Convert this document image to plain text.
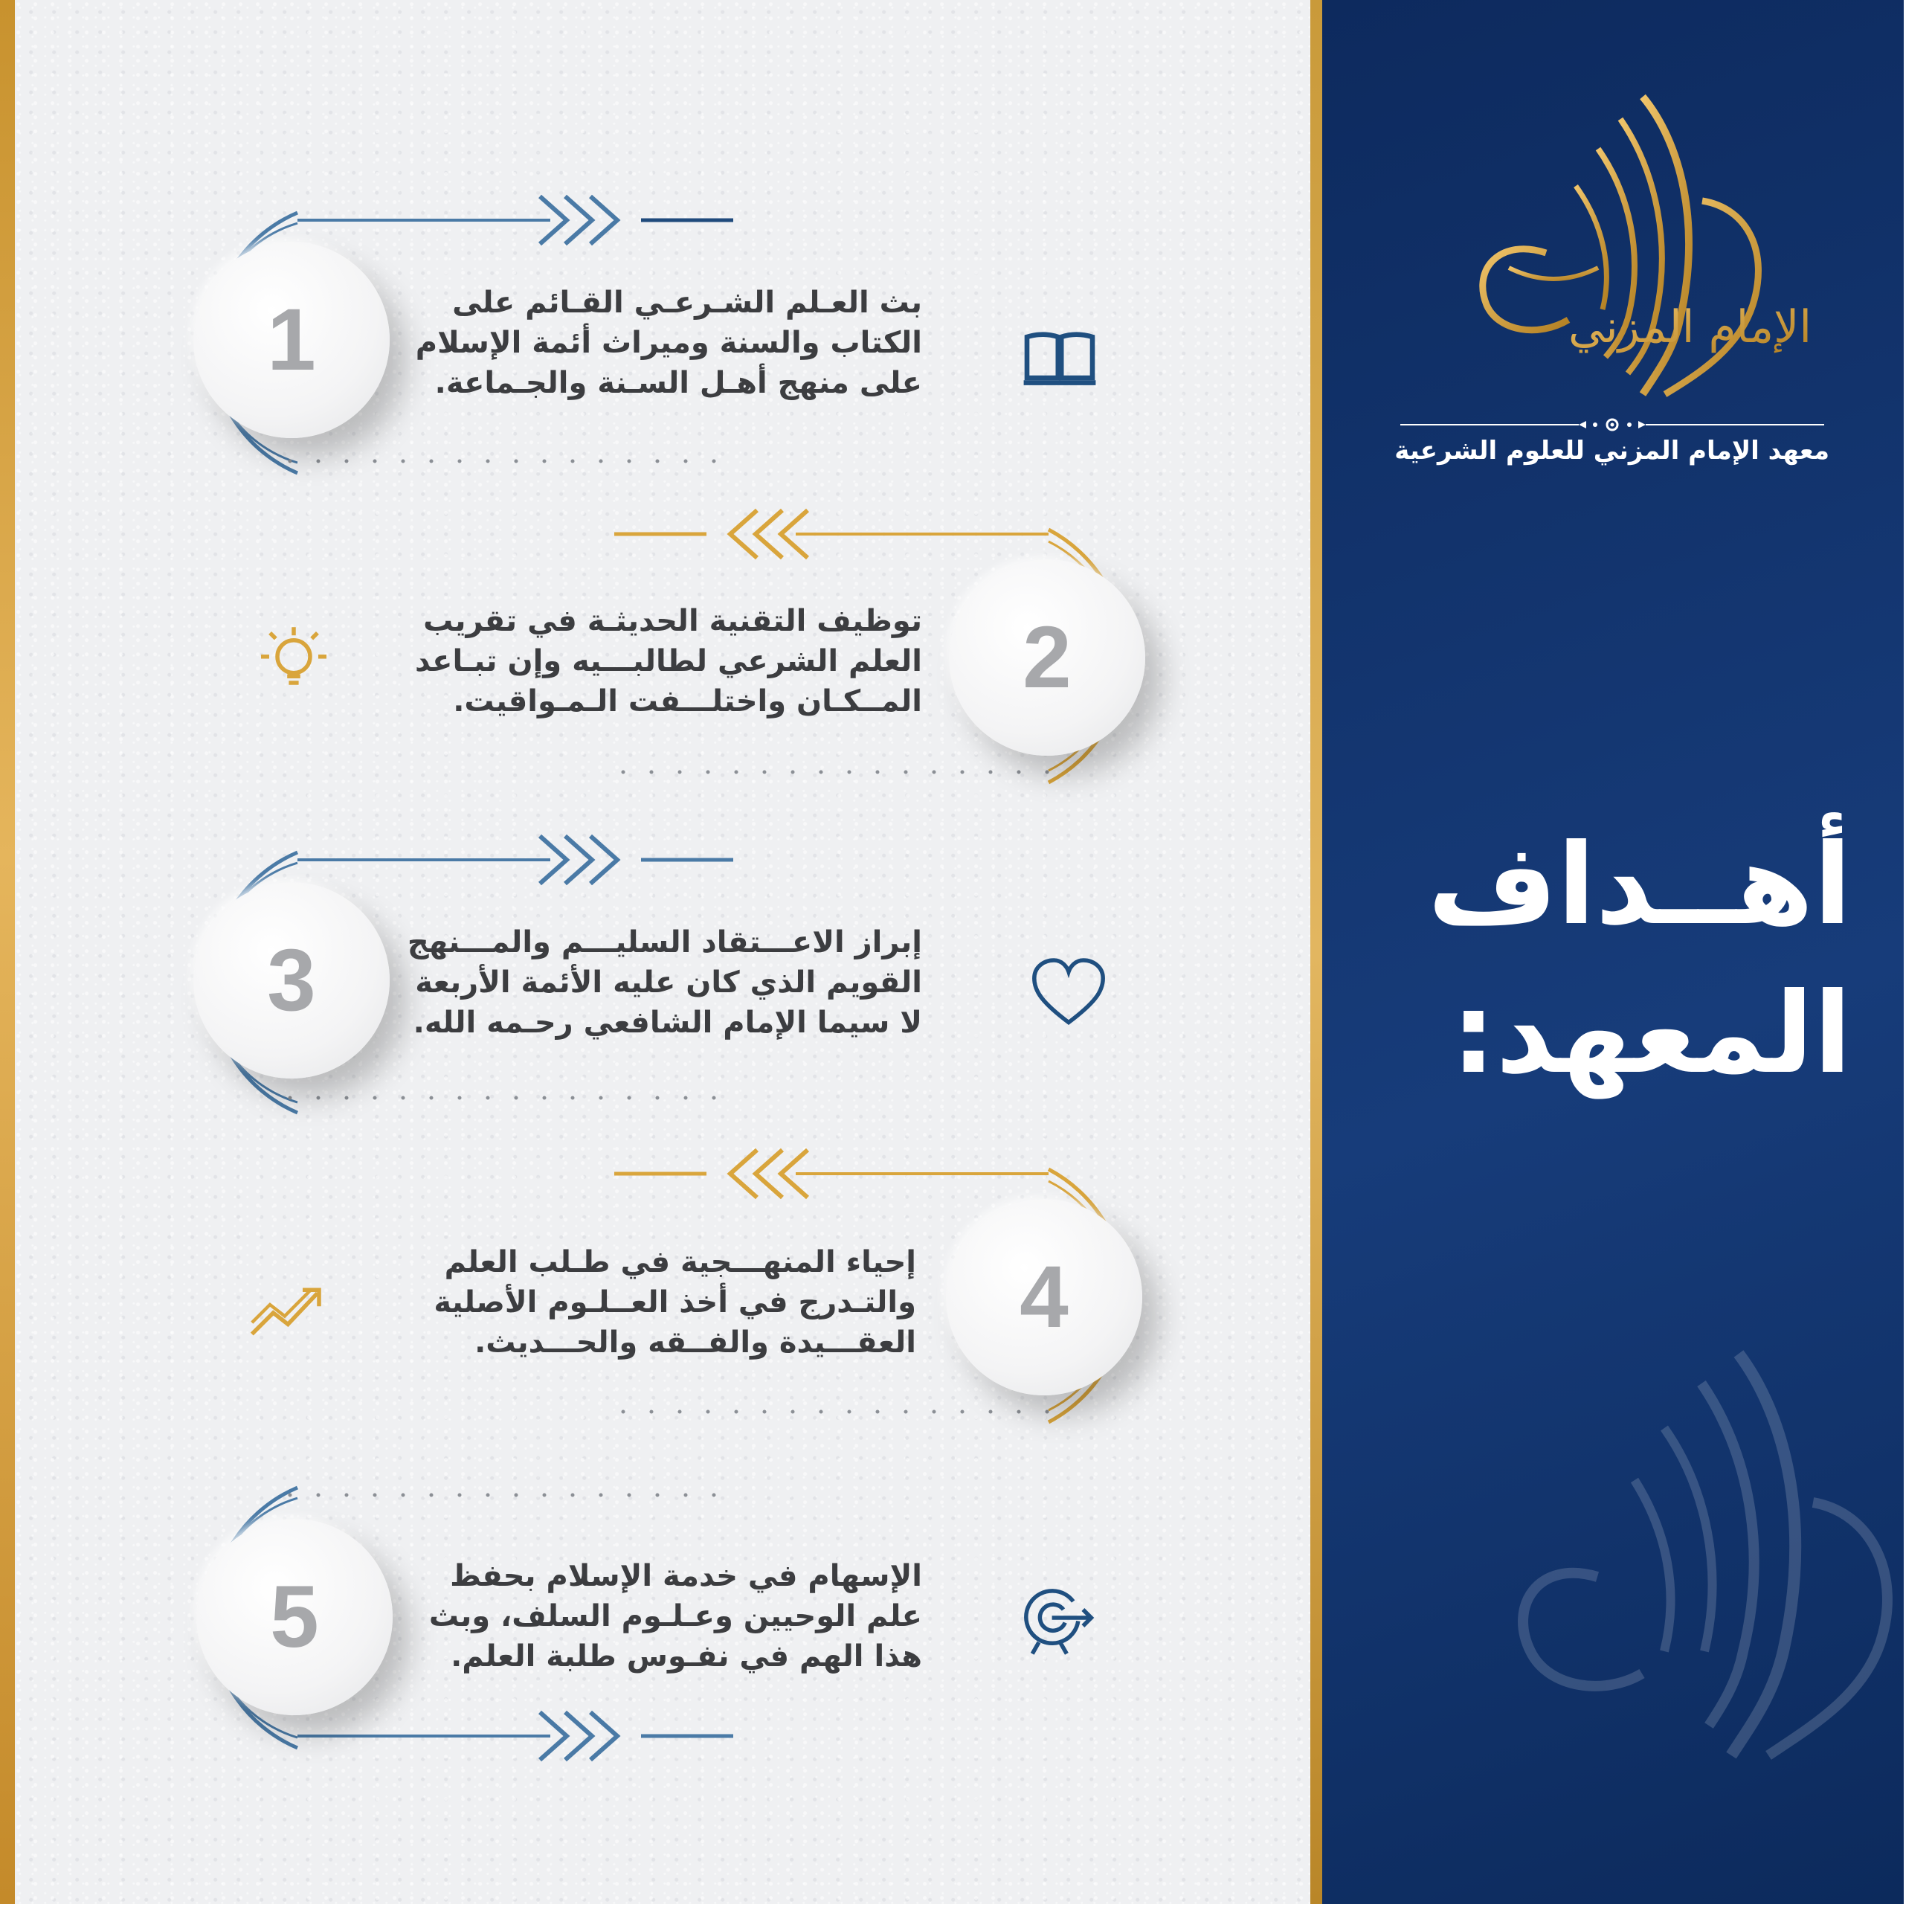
1	بث العـلم الشـرعـي القـائم على
الكتاب والسنة وميراث أئمة الإسلام
على منهج أهـل السـنة والجـماعة.
2
توظيف التقنية الحديثـة في تقريب
العلم الشرعي لطالبـــيه وإن تبـاعد
المــكـان واختلـــفت الـمـواقيت.
3	إبراز الاعـــتقاد السليـــم والمـــنهج
القويم الذي كان عليه الأئمة الأربعة
لا سيما الإمام الشافعي رحـمه الله.
4
إحياء المنهـــجية في طـلب العلم
والتـدرج في أخذ العــلـوم الأصلية
العقـــيدة والفــقه والحـــديث.
5	الإسهام في خدمة الإسلام بحفظ
علم الوحيين وعـلـوم السلف، وبث
هذا الهم في نفـوس طلبة العلم.
الإمام المزني
معهد الإمام المزني للعلوم الشرعية
أهــداف
المعهد:
